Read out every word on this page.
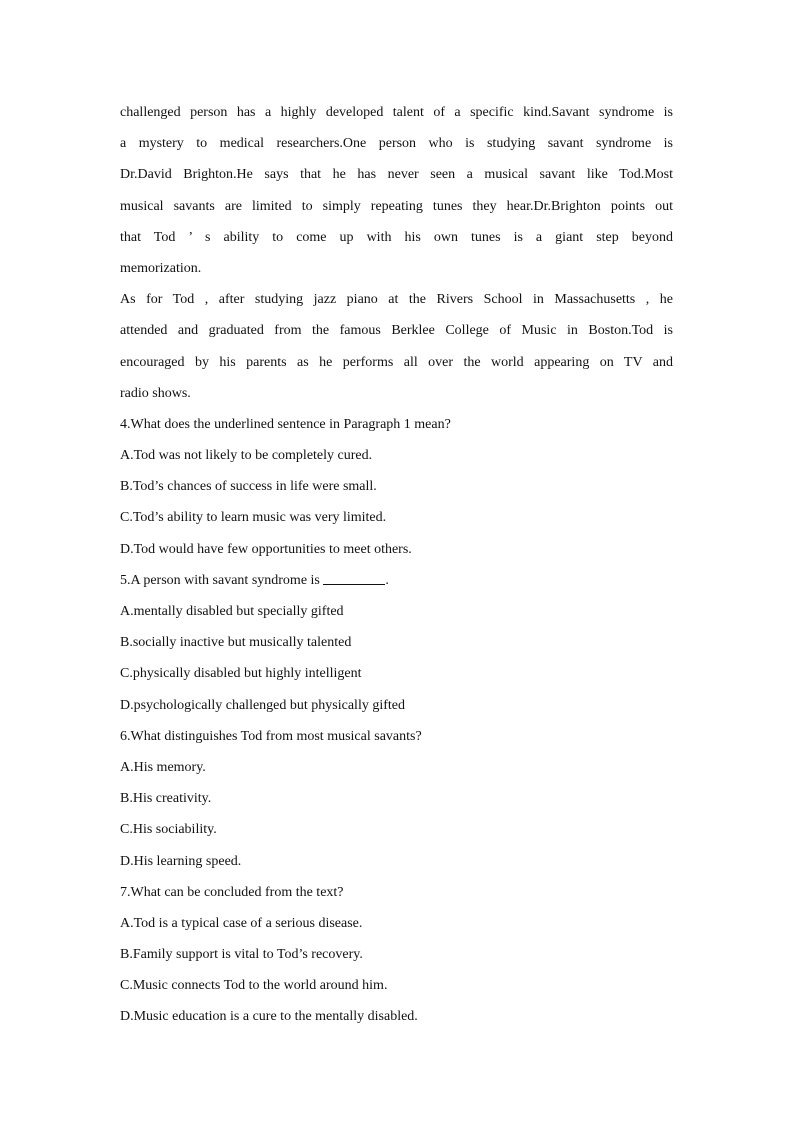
challenged person has a highly developed talent of a specific kind.Savant syndrome is
a mystery to medical researchers.One person who is studying savant syndrome is
Dr.David Brighton.He says that he has never seen a musical savant like Tod.Most
musical savants are limited to simply repeating tunes they hear.Dr.Brighton points out
that Tod ’ s ability to come up with his own tunes is a giant step beyond
memorization.
As for Tod , after studying jazz piano at the Rivers School in Massachusetts , he
attended and graduated from the famous Berklee College of Music in Boston.Tod is
encouraged by his parents as he performs all over the world appearing on TV and
radio shows.
4.What does the underlined sentence in Paragraph 1 mean?
A.Tod was not likely to be completely cured.
B.Tod’s chances of success in life were small.
C.Tod’s ability to learn music was very limited.
D.Tod would have few opportunities to meet others.
5.A person with savant syndrome is	.
A.mentally disabled but specially gifted
B.socially inactive but musically talented
C.physically disabled but highly intelligent
D.psychologically challenged but physically gifted
6.What distinguishes Tod from most musical savants?
A.His memory.
B.His creativity.
C.His sociability.
D.His learning speed.
7.What can be concluded from the text?
A.Tod is a typical case of a serious disease.
B.Family support is vital to Tod’s recovery.
C.Music connects Tod to the world around him.
D.Music education is a cure to the mentally disabled.
